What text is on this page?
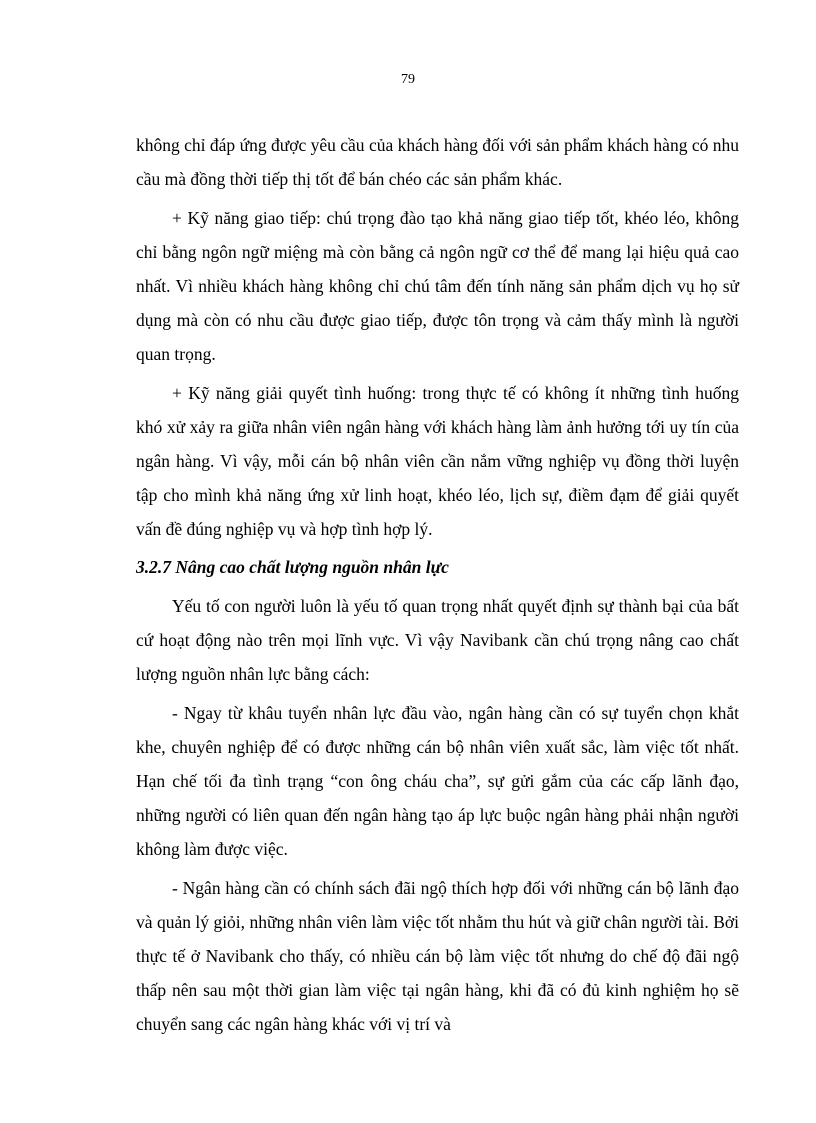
79

không chỉ đáp ứng được yêu cầu của khách hàng đối với sản phẩm khách hàng có nhu cầu mà đồng thời tiếp thị tốt để bán chéo các sản phẩm khác.

+ Kỹ năng giao tiếp: chú trọng đào tạo khả năng giao tiếp tốt, khéo léo, không chỉ bằng ngôn ngữ miệng mà còn bằng cả ngôn ngữ cơ thể để mang lại hiệu quả cao nhất. Vì nhiều khách hàng không chỉ chú tâm đến tính năng sản phẩm dịch vụ họ sử dụng mà còn có nhu cầu được giao tiếp, được tôn trọng và cảm thấy mình là người quan trọng.

+ Kỹ năng giải quyết tình huống: trong thực tế có không ít những tình huống khó xử xảy ra giữa nhân viên ngân hàng với khách hàng làm ảnh hưởng tới uy tín của ngân hàng. Vì vậy, mỗi cán bộ nhân viên cần nắm vững nghiệp vụ đồng thời luyện tập cho mình khả năng ứng xử linh hoạt, khéo léo, lịch sự, điềm đạm để giải quyết vấn đề đúng nghiệp vụ và hợp tình hợp lý.

3.2.7 Nâng cao chất lượng nguồn nhân lực

Yếu tố con người luôn là yếu tố quan trọng nhất quyết định sự thành bại của bất cứ hoạt động nào trên mọi lĩnh vực. Vì vậy Navibank cần chú trọng nâng cao chất lượng nguồn nhân lực bằng cách:

- Ngay từ khâu tuyển nhân lực đầu vào, ngân hàng cần có sự tuyển chọn khắt khe, chuyên nghiệp để có được những cán bộ nhân viên xuất sắc, làm việc tốt nhất. Hạn chế tối đa tình trạng “con ông cháu cha”, sự gửi gắm của các cấp lãnh đạo, những người có liên quan đến ngân hàng tạo áp lực buộc ngân hàng phải nhận người không làm được việc.

- Ngân hàng cần có chính sách đãi ngộ thích hợp đối với những cán bộ lãnh đạo và quản lý giỏi, những nhân viên làm việc tốt nhằm thu hút và giữ chân người tài. Bởi thực tế ở Navibank cho thấy, có nhiều cán bộ làm việc tốt nhưng do chế độ đãi ngộ thấp nên sau một thời gian làm việc tại ngân hàng, khi đã có đủ kinh nghiệm họ sẽ chuyển sang các ngân hàng khác với vị trí và
